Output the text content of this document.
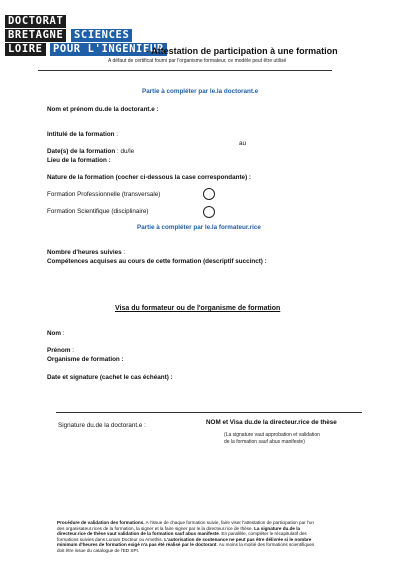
DOCTORAT
BRETAGNE SCIENCES
LOIRE POUR L'INGENIEUR
- Attestation de participation à une formation
A défaut de certificat fourni par l'organisme formateur, ce modèle peut être utilisé
Partie à compléter par le.la doctorant.e
Nom et prénom du.de la doctorant.e :
Intitulé de la formation :
Date(s) de la formation : du/le
au
Lieu de la formation :
Nature de la formation (cocher ci-dessous la case correspondante) :
Formation Professionnelle (transversale)
Formation Scientifique (disciplinaire)
Partie à compléter par le.la formateur.rice
Nombre d'heures suivies :
Compétences acquises au cours de cette formation (descriptif succinct) :
Visa du formateur ou de l'organisme de formation
Nom :
Prénom :
Organisme de formation :
Date et signature (cachet le cas échéant) :
Signature du.de la doctorant.e :	NOM et Visa du.de la directeur.rice de thèse
(La signature vaut approbation et validation
de la formation sauf abus manifeste)
Procédure de validation des formations. A l'issue de chaque formation suivie, faire viser l'attestation de participation par l'un
des organisateur.rices de la formation, la signer et la faire signer par le.la directeur.rice de thèse. La signature du.de la
directeur.rice de thèse vaut validation de la formation sauf abus manifeste. En parallèle, compléter le récapitulatif des
formations suivies dans Lunam Docteur ou Amethis. L'autorisation de soutenance ne peut pas être délivrée si le nombre
minimum d'heures de formation exigé n'a pas été réalisé par le doctorant. Au moins la moitié des formations scientifiques
doit être issue du catalogue de l'ED SPI.
